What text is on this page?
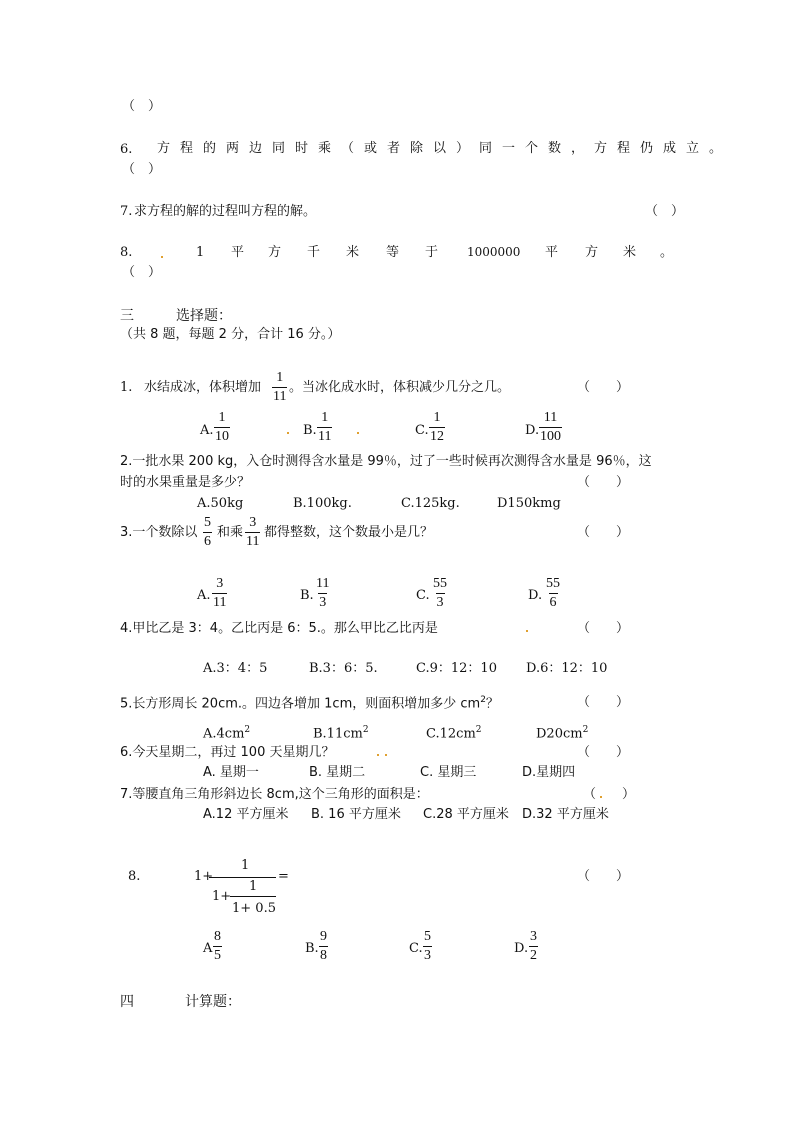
（　）
6. 方程的两边同时乘（或者除以）同一个数，方程仍成立。
（　）
7. 求方程的解的过程叫方程的解。	（　）
8.	1 平 方 千 米 等 于 1000000 平 方 米 。
（　）
三	选择题：
（共 8 题，每题 2 分，合计 16 分。）
1. 水结成冰，体积增加 $\frac{1}{11}$ 。当冰化成水时，体积减少几分之几。	（　　）
A. $\frac{1}{10}$	B. $\frac{1}{11}$	C. $\frac{1}{12}$	D. $\frac{11}{100}$
2.一批水果 200 kg，入仓时测得含水量是 99％，过了一些时候再次测得含水量是 96％，这
时的水果重量是多少？	（　　）
A.50kg	B.100kg.	C.125kg.	D150kmg
3.一个数除以 $\frac{5}{6}$ 和乘 $\frac{3}{11}$ 都得整数，这个数最小是几？	（　　）
A. $\frac{3}{11}$	B. $\frac{11}{3}$	C. $\frac{55}{3}$	D. $\frac{55}{6}$
4.甲比乙是 3：4。乙比丙是 6：5.。那么甲比乙比丙是	（　　）
A.3：4：5	B.3：6：5.	C.9：12：10 D.6：12：10
5.长方形周长 20cm.。四边各增加 1cm，则面积增加多少 $cm^2$？	（　　）
$A.4cm^2$	$B.11cm^2$	$C.12cm^2$	$D20cm^2$
6.今天星期二，再过 100 天星期几？	（　　）
A. 星期一	B. 星期二	C. 星期三	D.星期四
7.等腰直角三角形斜边长 8cm,这个三角形的面积是：	（　　）
A.12 平方厘米 B. 16 平方厘米 C.28 平方厘米 D.32 平方厘米
8.	1+
1
=
1+
1
1+ 0.5
（　　）
A $\frac{8}{5}$	B. $\frac{9}{8}$	C. $\frac{5}{3}$	D. $\frac{3}{2}$
四	计算题：
